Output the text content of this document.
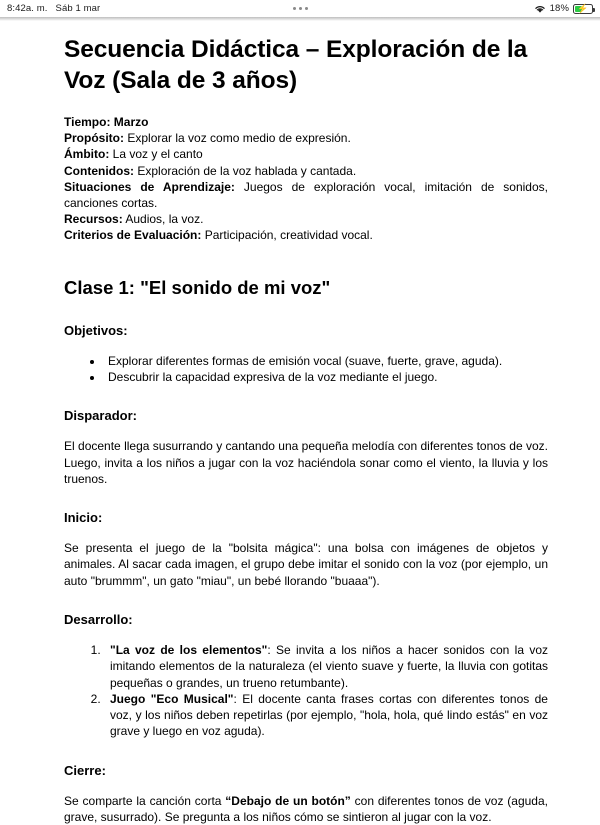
8:42a. m. Sáb 1 mar	18% ⚡
Secuencia Didáctica – Exploración de la Voz (Sala de 3 años)
Tiempo: Marzo
Propósito: Explorar la voz como medio de expresión.
Ámbito: La voz y el canto
Contenidos: Exploración de la voz hablada y cantada.
Situaciones de Aprendizaje: Juegos de exploración vocal, imitación de sonidos, canciones cortas.
Recursos: Audios, la voz.
Criterios de Evaluación: Participación, creatividad vocal.
Clase 1: "El sonido de mi voz"
Objetivos:
• Explorar diferentes formas de emisión vocal (suave, fuerte, grave, aguda).
• Descubrir la capacidad expresiva de la voz mediante el juego.
Disparador:

El docente llega susurrando y cantando una pequeña melodía con diferentes tonos de voz. Luego, invita a los niños a jugar con la voz haciéndola sonar como el viento, la lluvia y los truenos.

Inicio:

Se presenta el juego de la "bolsita mágica": una bolsa con imágenes de objetos y animales. Al sacar cada imagen, el grupo debe imitar el sonido con la voz (por ejemplo, un auto "brummm", un gato "miau", un bebé llorando "buaaa").

Desarrollo:
1. "La voz de los elementos": Se invita a los niños a hacer sonidos con la voz imitando elementos de la naturaleza (el viento suave y fuerte, la lluvia con gotitas pequeñas o grandes, un trueno retumbante).
2. Juego "Eco Musical": El docente canta frases cortas con diferentes tonos de voz, y los niños deben repetirlas (por ejemplo, "hola, hola, qué lindo estás" en voz grave y luego en voz aguda).
Cierre:

Se comparte la canción corta “Debajo de un botón” con diferentes tonos de voz (aguda, grave, susurrado). Se pregunta a los niños cómo se sintieron al jugar con la voz.
